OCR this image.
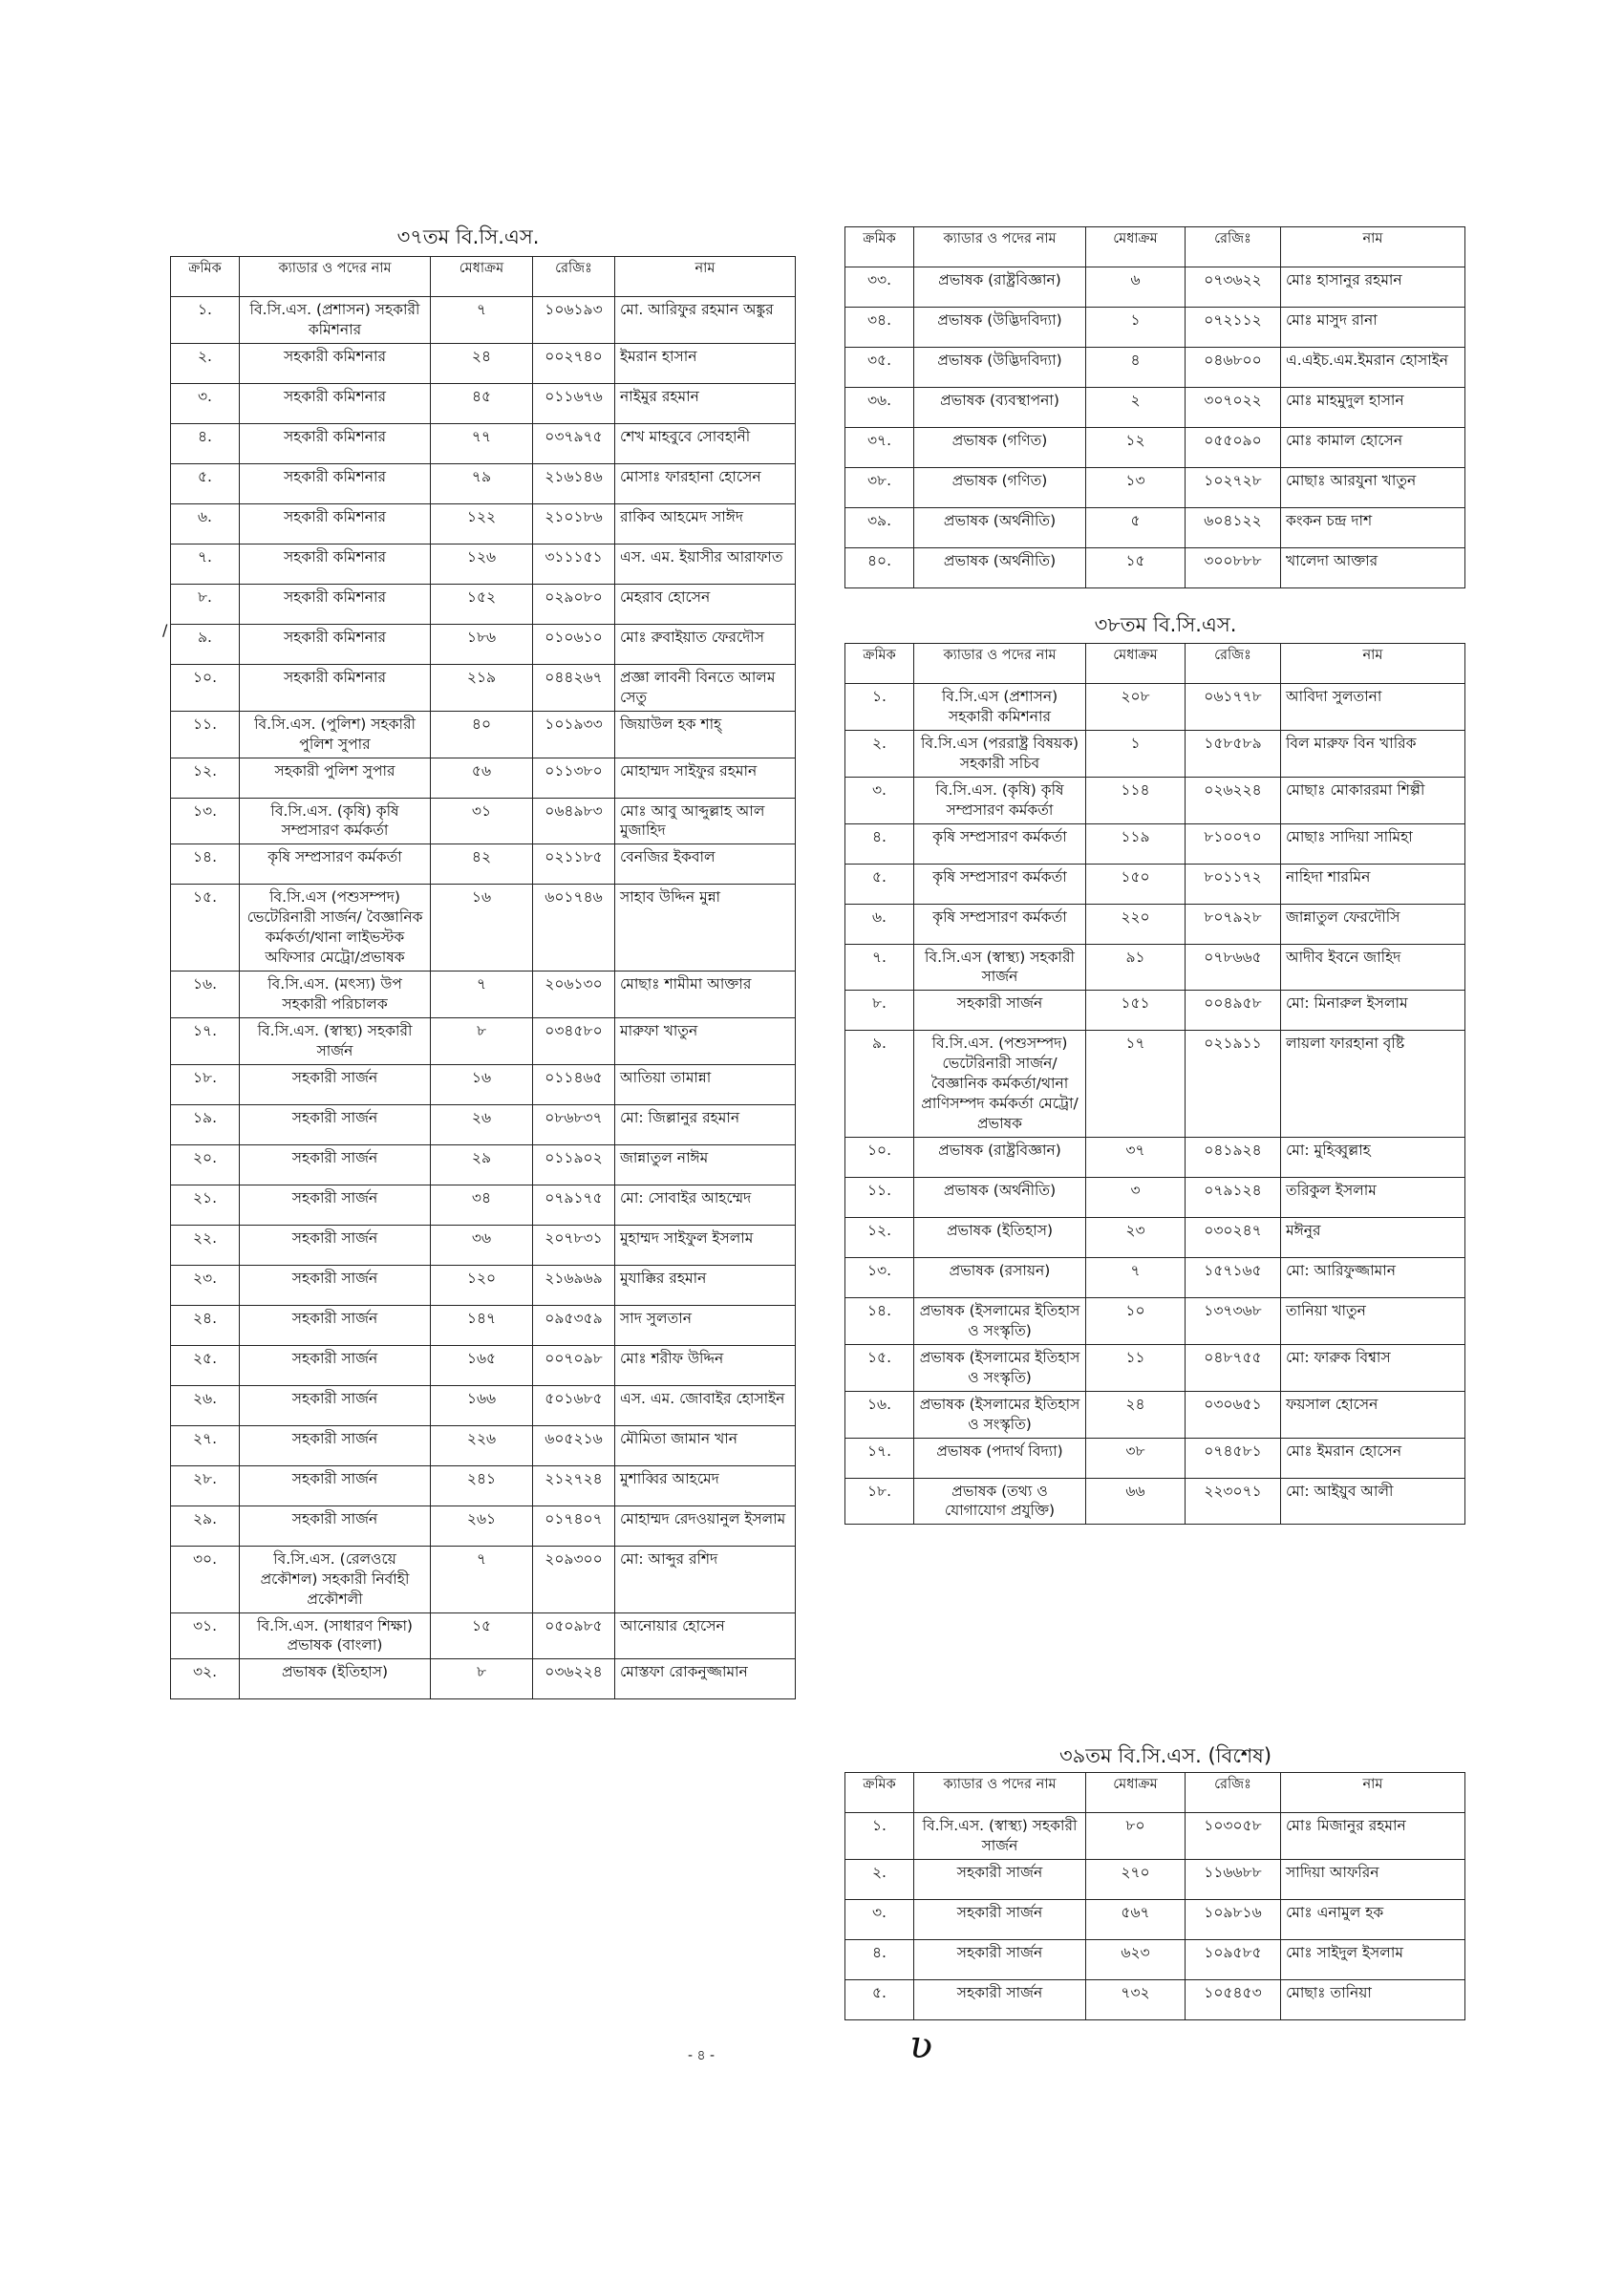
৩৭তম বি.সি.এস.
৩৮তম বি.সি.এস.
৩৯তম বি.সি.এস. (বিশেষ)
ক্রমিক	ক্যাডার ও পদের নাম	মেধাক্রম	রেজিঃ	নাম
১.	বি.সি.এস. (প্রশাসন) সহকারী কমিশনার	৭	১০৬১৯৩	মো. আরিফুর রহমান অঙ্কুর
২.	সহকারী কমিশনার	২৪	০০২৭৪০	ইমরান হাসান
৩.	সহকারী কমিশনার	৪৫	০১১৬৭৬	নাইমুর রহমান
৪.	সহকারী কমিশনার	৭৭	০৩৭৯৭৫	শেখ মাহবুবে সোবহানী
৫.	সহকারী কমিশনার	৭৯	২১৬১৪৬	মোসাঃ ফারহানা হোসেন
৬.	সহকারী কমিশনার	১২২	২১০১৮৬	রাকিব আহমেদ সাঈদ
৭.	সহকারী কমিশনার	১২৬	৩১১১৫১	এস. এম. ইয়াসীর আরাফাত
৮.	সহকারী কমিশনার	১৫২	০২৯০৮০	মেহরাব হোসেন
৯.	সহকারী কমিশনার	১৮৬	০১০৬১০	মোঃ রুবাইয়াত ফেরদৌস
১০.	সহকারী কমিশনার	২১৯	০৪৪২৬৭	প্রজ্ঞা লাবনী বিনতে আলম সেতু
১১.	বি.সি.এস. (পুলিশ) সহকারী পুলিশ সুপার	৪০	১০১৯৩৩	জিয়াউল হক শাহ্
১২.	সহকারী পুলিশ সুপার	৫৬	০১১৩৮০	মোহাম্মদ সাইফুর রহমান
১৩.	বি.সি.এস. (কৃষি) কৃষি সম্প্রসারণ কর্মকর্তা	৩১	০৬৪৯৮৩	মোঃ আবু আব্দুল্লাহ আল মুজাহিদ
১৪.	কৃষি সম্প্রসারণ কর্মকর্তা	৪২	০২১১৮৫	বেনজির ইকবাল
১৫.	বি.সি.এস (পশুসম্পদ) ভেটেরিনারী সার্জন/ বৈজ্ঞানিক কর্মকর্তা/থানা লাইভস্টক অফিসার মেট্রো/প্রভাষক	১৬	৬০১৭৪৬	সাহাব উদ্দিন মুন্না
১৬.	বি.সি.এস. (মৎস্য) উপ সহকারী পরিচালক	৭	২০৬১৩০	মোছাঃ শামীমা আক্তার
১৭.	বি.সি.এস. (স্বাস্থ্য) সহকারী সার্জন	৮	০৩৪৫৮০	মারুফা খাতুন
১৮.	সহকারী সার্জন	১৬	০১১৪৬৫	আতিয়া তামান্না
১৯.	সহকারী সার্জন	২৬	০৮৬৮৩৭	মো: জিল্লানুর রহমান
২০.	সহকারী সার্জন	২৯	০১১৯০২	জান্নাতুল নাঈম
২১.	সহকারী সার্জন	৩৪	০৭৯১৭৫	মো: সোবাইর আহম্মেদ
২২.	সহকারী সার্জন	৩৬	২০৭৮৩১	মুহাম্মদ সাইফুল ইসলাম
২৩.	সহকারী সার্জন	১২০	২১৬৯৬৯	মুযাক্কির রহমান
২৪.	সহকারী সার্জন	১৪৭	০৯৫৩৫৯	সাদ সুলতান
২৫.	সহকারী সার্জন	১৬৫	০০৭০৯৮	মোঃ শরীফ উদ্দিন
২৬.	সহকারী সার্জন	১৬৬	৫০১৬৮৫	এস. এম. জোবাইর হোসাইন
২৭.	সহকারী সার্জন	২২৬	৬০৫২১৬	মৌমিতা জামান খান
২৮.	সহকারী সার্জন	২৪১	২১২৭২৪	মুশাব্বির আহমেদ
২৯.	সহকারী সার্জন	২৬১	০১৭৪০৭	মোহাম্মদ রেদওয়ানুল ইসলাম
৩০.	বি.সি.এস. (রেলওয়ে প্রকৌশল) সহকারী নির্বাহী প্রকৌশলী	৭	২০৯৩০০	মো: আব্দুর রশিদ
৩১.	বি.সি.এস. (সাধারণ শিক্ষা) প্রভাষক (বাংলা)	১৫	০৫০৯৮৫	আনোয়ার হোসেন
৩২.	প্রভাষক (ইতিহাস)	৮	০৩৬২২৪	মোস্তফা রোকনুজ্জামান
ক্রমিক	ক্যাডার ও পদের নাম	মেধাক্রম	রেজিঃ	নাম
৩৩.	প্রভাষক (রাষ্ট্রবিজ্ঞান)	৬	০৭৩৬২২	মোঃ হাসানুর রহমান
৩৪.	প্রভাষক (উদ্ভিদবিদ্যা)	১	০৭২১১২	মোঃ মাসুদ রানা
৩৫.	প্রভাষক (উদ্ভিদবিদ্যা)	৪	০৪৬৮০০	এ.এইচ.এম.ইমরান হোসাইন
৩৬.	প্রভাষক (ব্যবস্থাপনা)	২	৩০৭০২২	মোঃ মাহমুদুল হাসান
৩৭.	প্রভাষক (গণিত)	১২	০৫৫০৯০	মোঃ কামাল হোসেন
৩৮.	প্রভাষক (গণিত)	১৩	১০২৭২৮	মোছাঃ আরযুনা খাতুন
৩৯.	প্রভাষক (অর্থনীতি)	৫	৬০৪১২২	কংকন চন্দ্র দাশ
৪০.	প্রভাষক (অর্থনীতি)	১৫	৩০০৮৮৮	খালেদা আক্তার
ক্রমিক	ক্যাডার ও পদের নাম	মেধাক্রম	রেজিঃ	নাম
১.	বি.সি.এস (প্রশাসন) সহকারী কমিশনার	২০৮	০৬১৭৭৮	আবিদা সুলতানা
২.	বি.সি.এস (পররাষ্ট্র বিষয়ক) সহকারী সচিব	১	১৫৮৫৮৯	বিল মারুফ বিন খারিক
৩.	বি.সি.এস. (কৃষি) কৃষি সম্প্রসারণ কর্মকর্তা	১১৪	০২৬২২৪	মোছাঃ মোকাররমা শিল্পী
৪.	কৃষি সম্প্রসারণ কর্মকর্তা	১১৯	৮১০০৭০	মোছাঃ সাদিয়া সামিহা
৫.	কৃষি সম্প্রসারণ কর্মকর্তা	১৫০	৮০১১৭২	নাহিদা শারমিন
৬.	কৃষি সম্প্রসারণ কর্মকর্তা	২২০	৮০৭৯২৮	জান্নাতুল ফেরদৌসি
৭.	বি.সি.এস (স্বাস্থ্য) সহকারী সার্জন	৯১	০৭৮৬৬৫	আদীব ইবনে জাহিদ
৮.	সহকারী সার্জন	১৫১	০০৪৯৫৮	মো: মিনারুল ইসলাম
৯.	বি.সি.এস. (পশুসম্পদ) ভেটেরিনারী সার্জন/বৈজ্ঞানিক কর্মকর্তা/থানা প্রাণিসম্পদ কর্মকর্তা মেট্রো/প্রভাষক	১৭	০২১৯১১	লায়লা ফারহানা বৃষ্টি
১০.	প্রভাষক (রাষ্ট্রবিজ্ঞান)	৩৭	০৪১৯২৪	মো: মুহিব্বুল্লাহ
১১.	প্রভাষক (অর্থনীতি)	৩	০৭৯১২৪	তরিকুল ইসলাম
১২.	প্রভাষক (ইতিহাস)	২৩	০৩০২৪৭	মঈনুর
১৩.	প্রভাষক (রসায়ন)	৭	১৫৭১৬৫	মো: আরিফুজ্জামান
১৪.	প্রভাষক (ইসলামের ইতিহাস ও সংস্কৃতি)	১০	১৩৭৩৬৮	তানিয়া খাতুন
১৫.	প্রভাষক (ইসলামের ইতিহাস ও সংস্কৃতি)	১১	০৪৮৭৫৫	মো: ফারুক বিশ্বাস
১৬.	প্রভাষক (ইসলামের ইতিহাস ও সংস্কৃতি)	২৪	০৩০৬৫১	ফয়সাল হোসেন
১৭.	প্রভাষক (পদার্থ বিদ্যা)	৩৮	০৭৪৫৮১	মোঃ ইমরান হোসেন
১৮.	প্রভাষক (তথ্য ও যোগাযোগ প্রযুক্তি)	৬৬	২২৩০৭১	মো: আইয়ুব আলী
ক্রমিক	ক্যাডার ও পদের নাম	মেধাক্রম	রেজিঃ	নাম
১.	বি.সি.এস. (স্বাস্থ্য) সহকারী সার্জন	৮০	১০৩০৫৮	মোঃ মিজানুর রহমান
২.	সহকারী সার্জন	২৭০	১১৬৬৮৮	সাদিয়া আফরিন
৩.	সহকারী সার্জন	৫৬৭	১০৯৮১৬	মোঃ এনামুল হক
৪.	সহকারী সার্জন	৬২৩	১০৯৫৮৫	মোঃ সাইদুল ইসলাম
৫.	সহকারী সার্জন	৭৩২	১০৫৪৫৩	মোছাঃ তানিয়া
- ৪ -	ʋ
/
